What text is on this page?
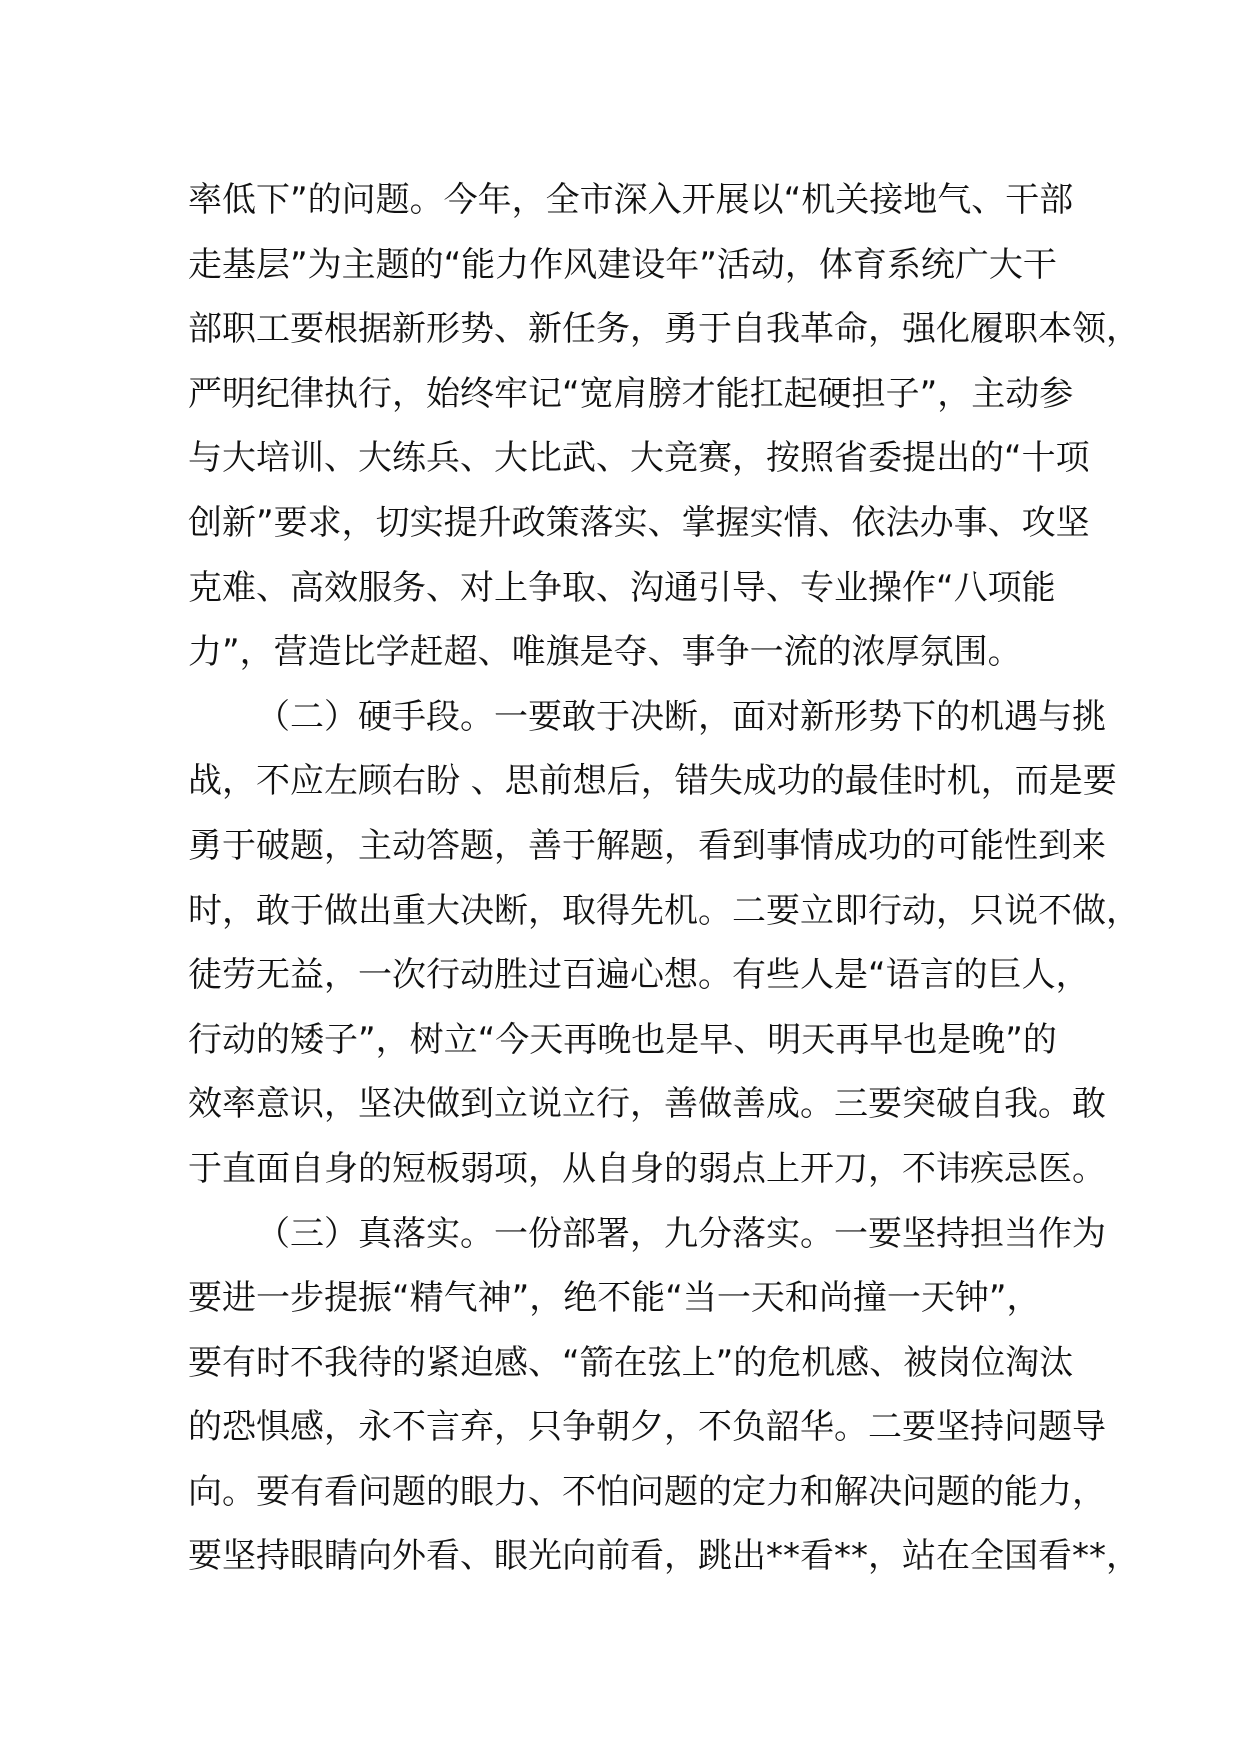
率低下”的问题。今年，全市深入开展以“机关接地气、干部
走基层”为主题的“能力作风建设年”活动，体育系统广大干
部职工要根据新形势、新任务，勇于自我革命，强化履职本领，
严明纪律执行，始终牢记“宽肩膀才能扛起硬担子”，主动参
与大培训、大练兵、大比武、大竞赛，按照省委提出的“十项
创新”要求，切实提升政策落实、掌握实情、依法办事、攻坚
克难、高效服务、对上争取、沟通引导、专业操作“八项能
力”，营造比学赶超、唯旗是夺、事争一流的浓厚氛围。
（二）硬手段。一要敢于决断，面对新形势下的机遇与挑
战，不应左顾右盼 、思前想后，错失成功的最佳时机，而是要
勇于破题，主动答题，善于解题，看到事情成功的可能性到来
时，敢于做出重大决断，取得先机。二要立即行动，只说不做，
徒劳无益，一次行动胜过百遍心想。有些人是“语言的巨人，
行动的矮子”，树立“今天再晚也是早、明天再早也是晚”的
效率意识，坚决做到立说立行，善做善成。三要突破自我。敢
于直面自身的短板弱项，从自身的弱点上开刀，不讳疾忌医。
（三）真落实。一份部署，九分落实。一要坚持担当作为
要进一步提振“精气神”，绝不能“当一天和尚撞一天钟”，
要有时不我待的紧迫感、“箭在弦上”的危机感、被岗位淘汰
的恐惧感，永不言弃，只争朝夕，不负韶华。二要坚持问题导
向。要有看问题的眼力、不怕问题的定力和解决问题的能力，
要坚持眼睛向外看、眼光向前看，跳出**看**，站在全国看**，
